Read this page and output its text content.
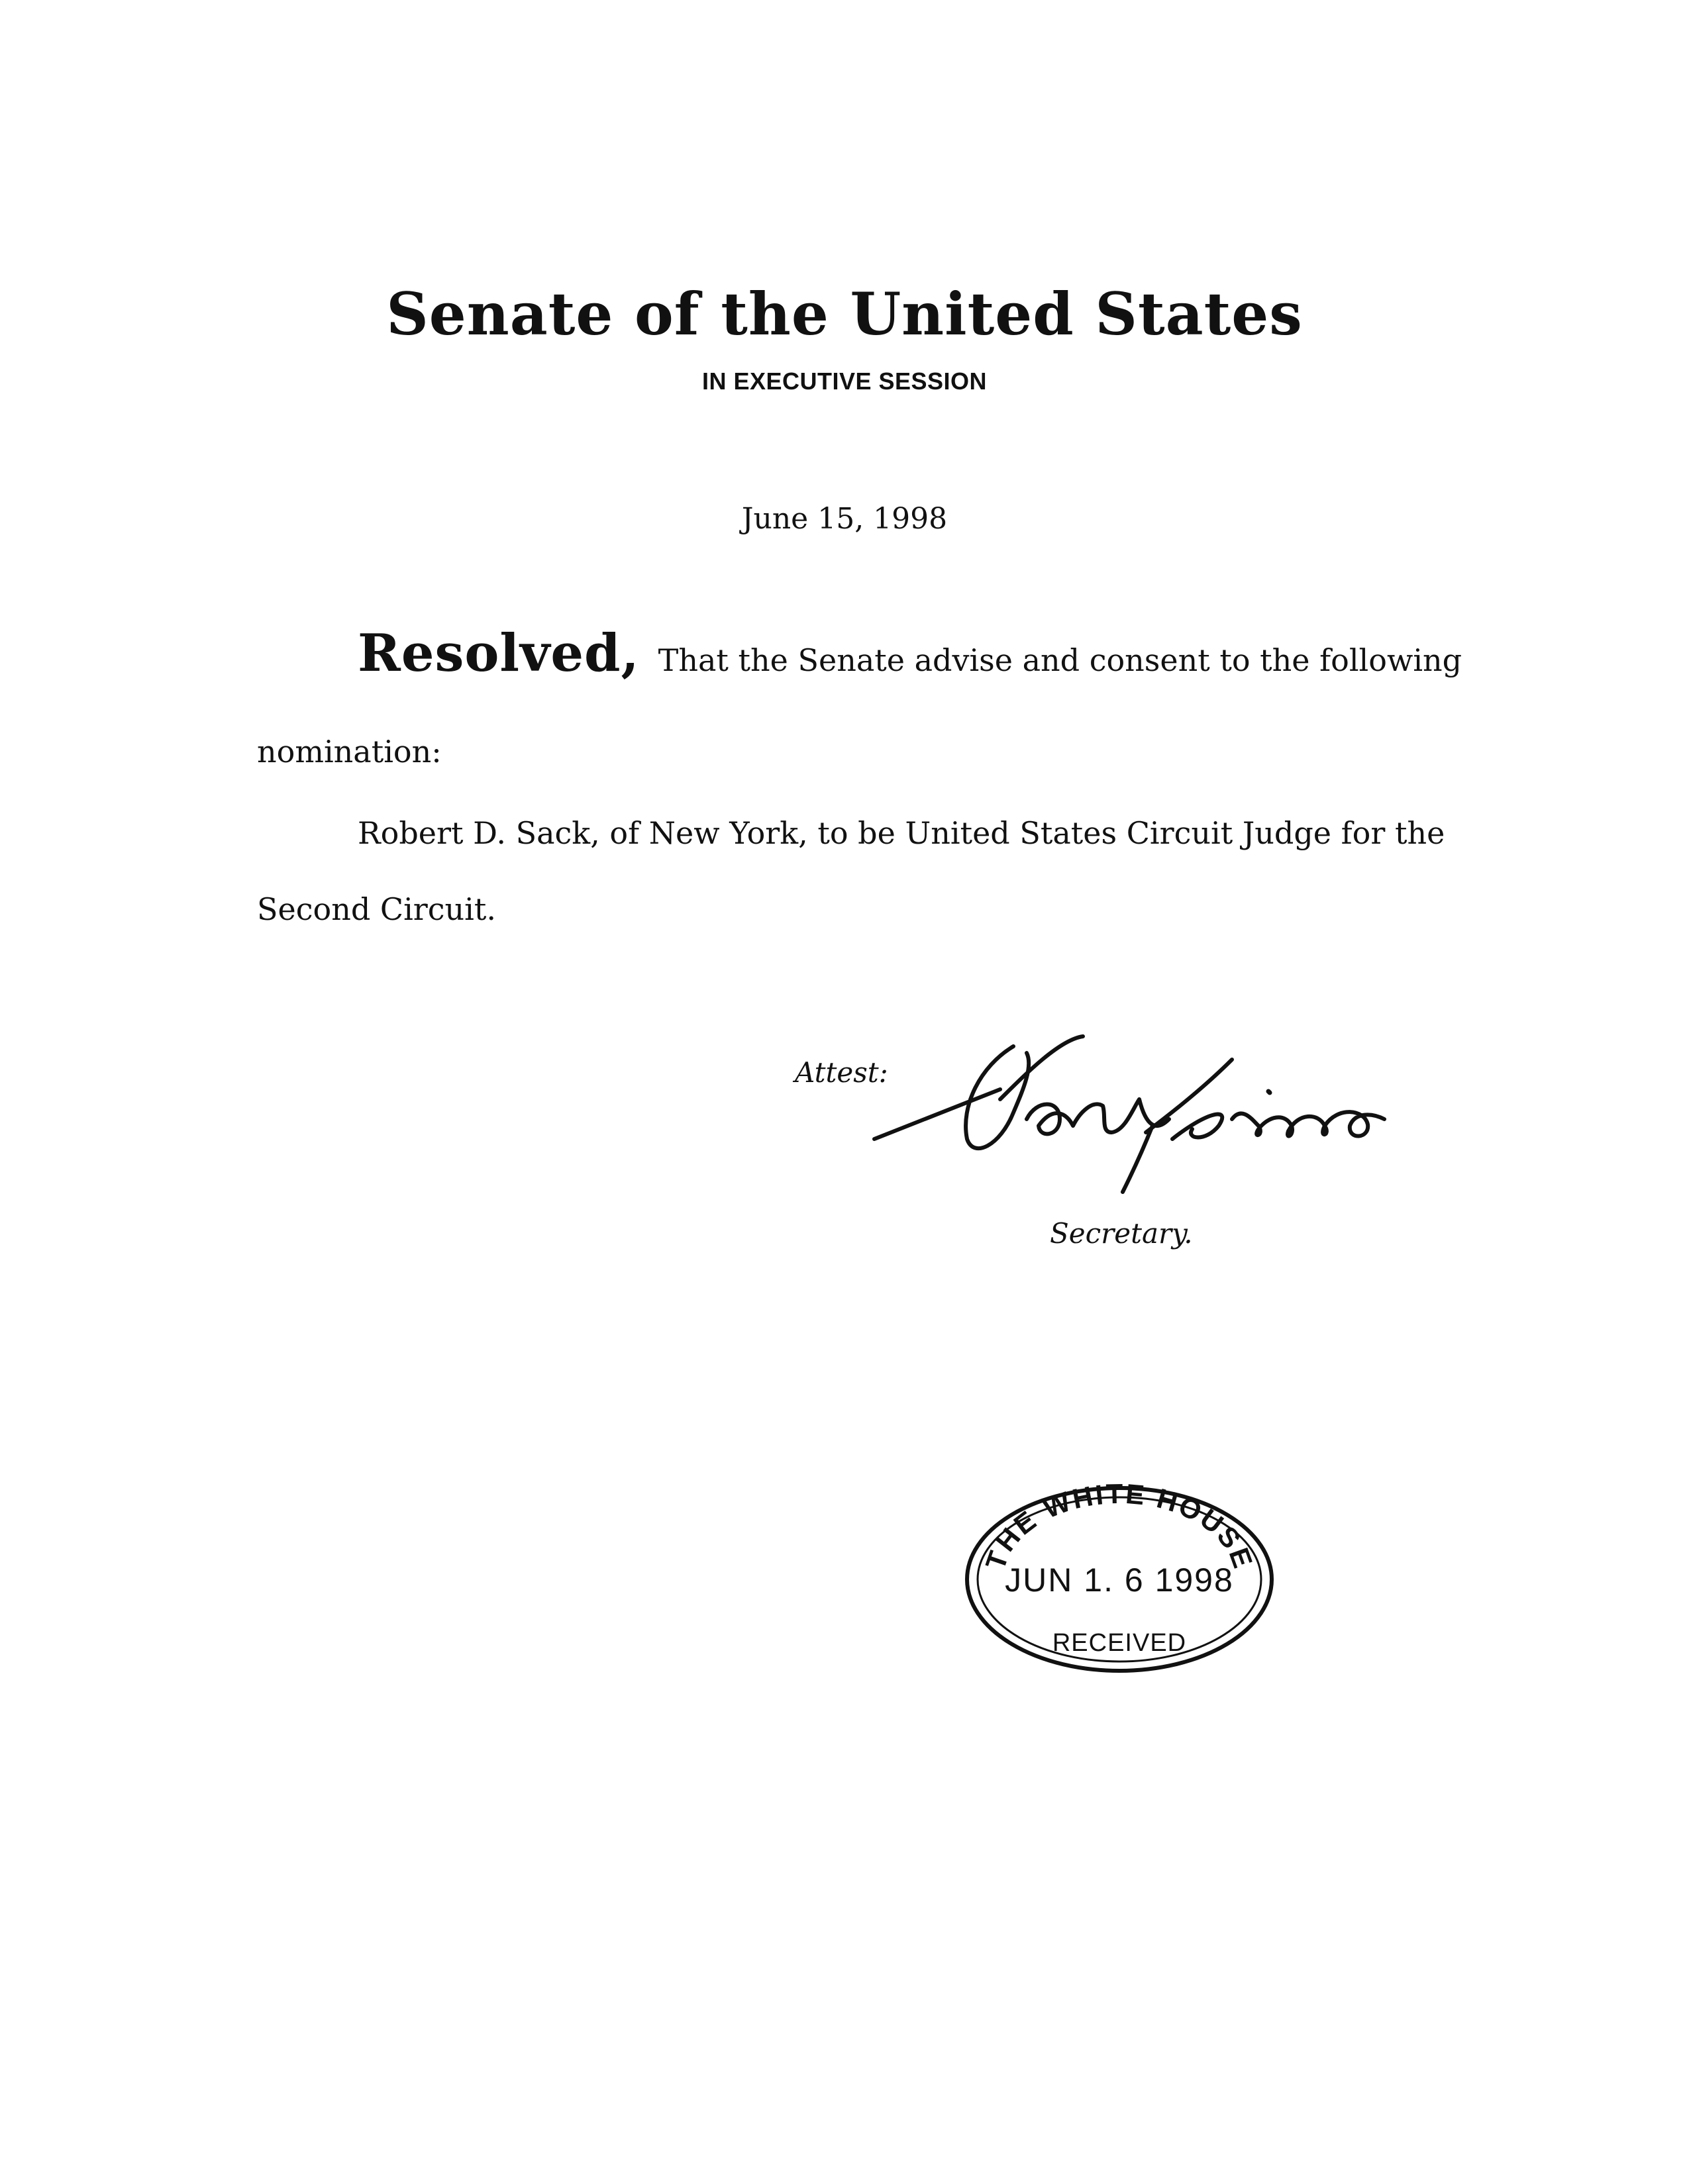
Senate of the United States
IN EXECUTIVE SESSION
June 15, 1998
Resolved, That the Senate advise and consent to the following
nomination:
Robert D. Sack, of New York, to be United States Circuit Judge for the
Second Circuit.
Attest:
Secretary.
THE WHITE HOUSE
JUN 1. 6 1998
RECEIVED
